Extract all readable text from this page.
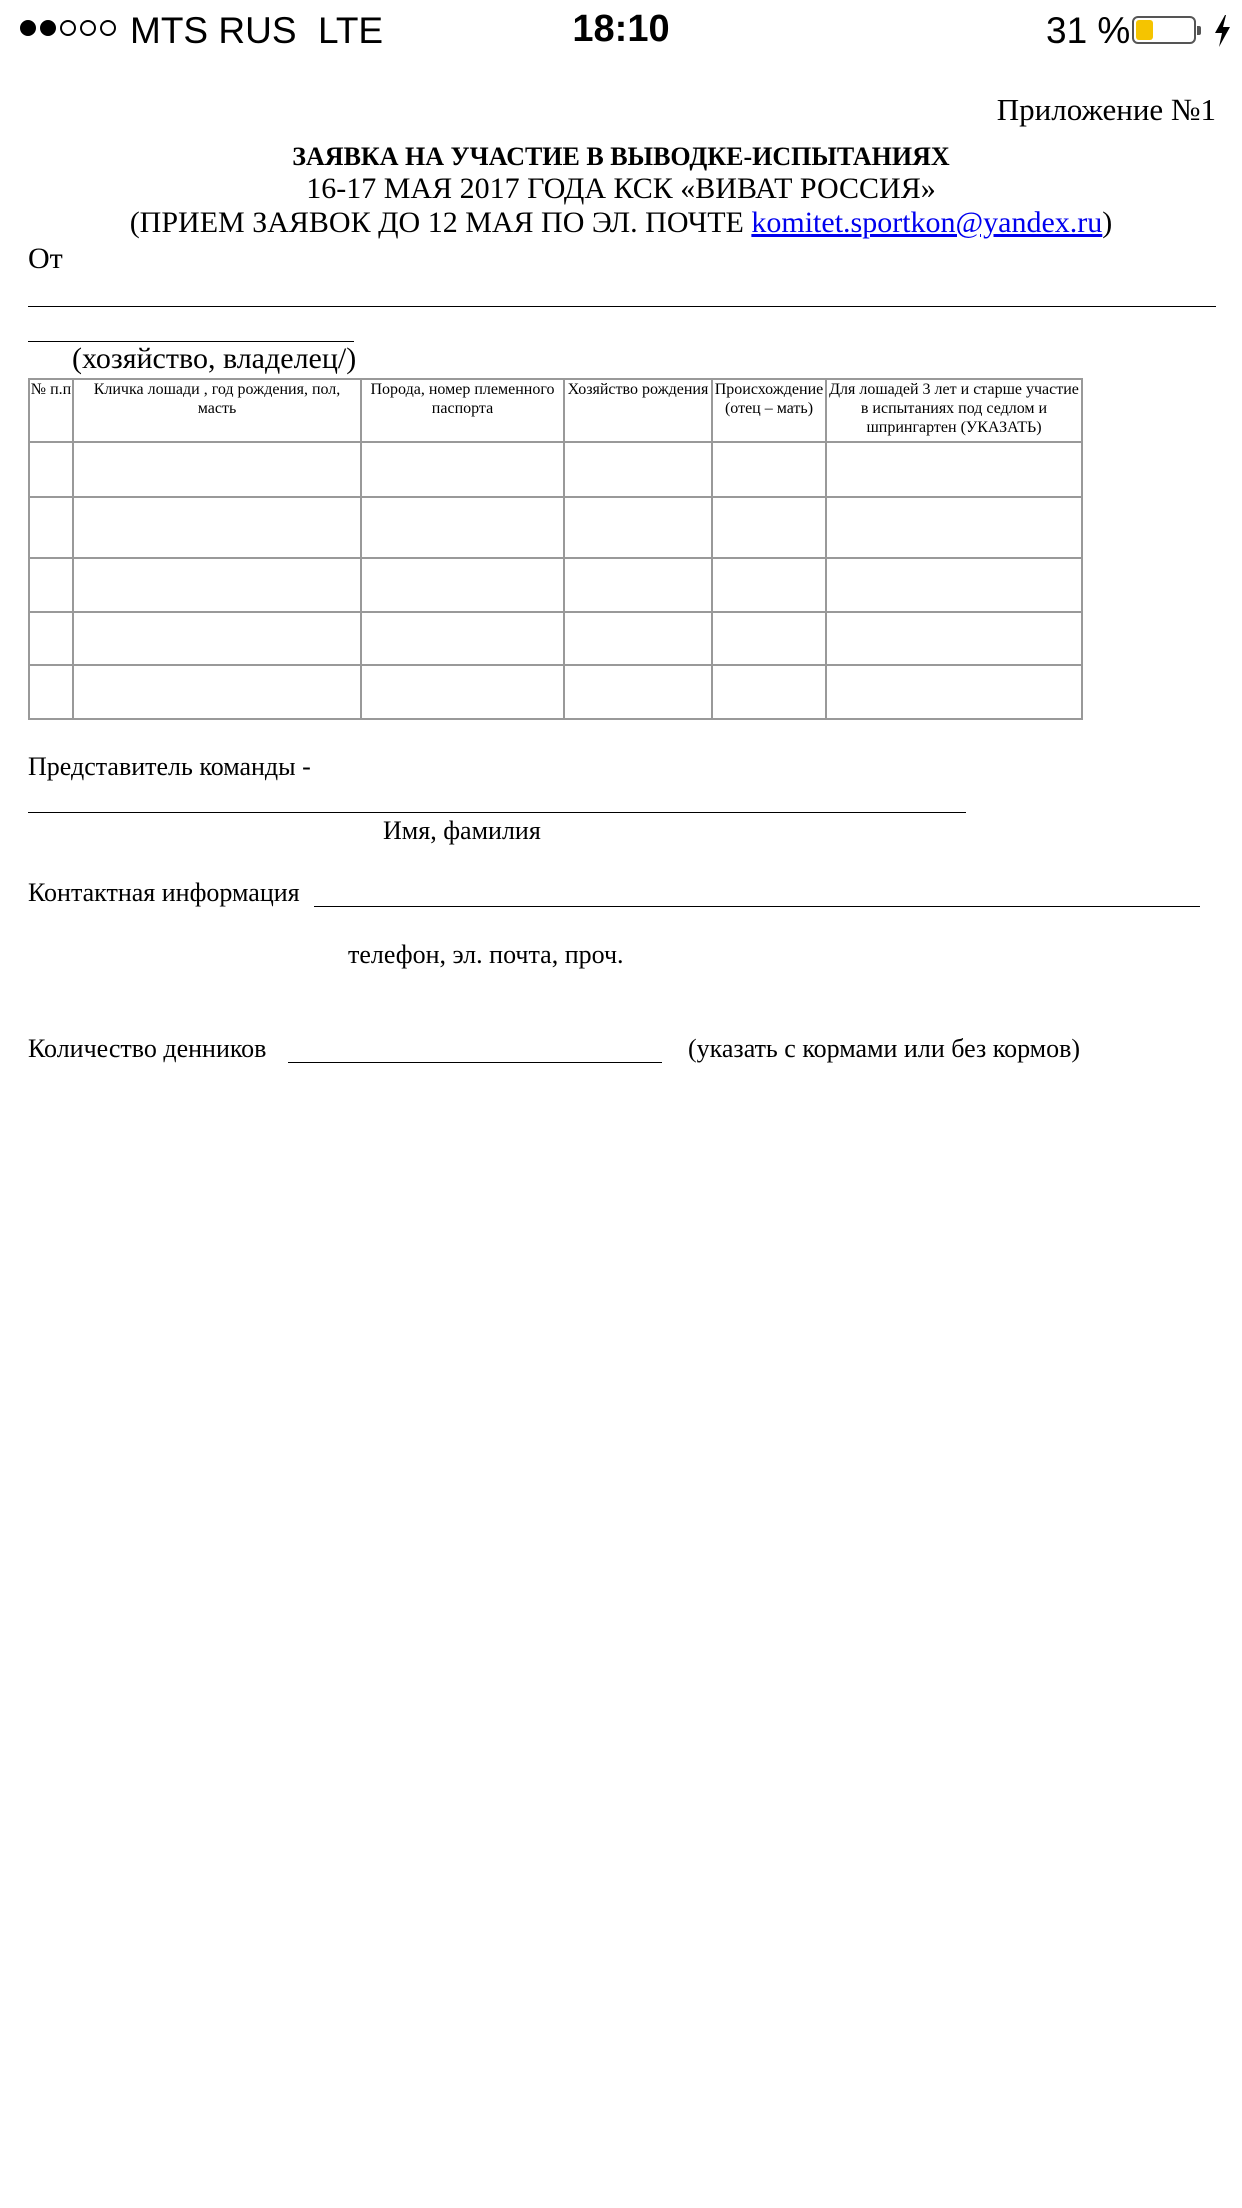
MTS RUS LTE	18:10	31 %
Приложение №1
ЗАЯВКА НА УЧАСТИЕ В ВЫВОДКЕ-ИСПЫТАНИЯХ
16-17 МАЯ 2017 ГОДА КСК «ВИВАТ РОССИЯ»
(ПРИЕМ ЗАЯВОК ДО 12 МАЯ ПО ЭЛ. ПОЧТЕ komitet.sportkon@yandex.ru)
От
(хозяйство, владелец/)
№ п.п	Кличка лошади , год рождения, пол, масть	Порода, номер племенного паспорта	Хозяйство рождения	Происхождение (отец – мать)	Для лошадей 3 лет и старше участие в испытаниях под седлом и шпрингартен (УКАЗАТЬ)

Представитель команды -
Имя, фамилия
Контактная информация
телефон, эл. почта, проч.
Количество денников	(указать с кормами или без кормов)
